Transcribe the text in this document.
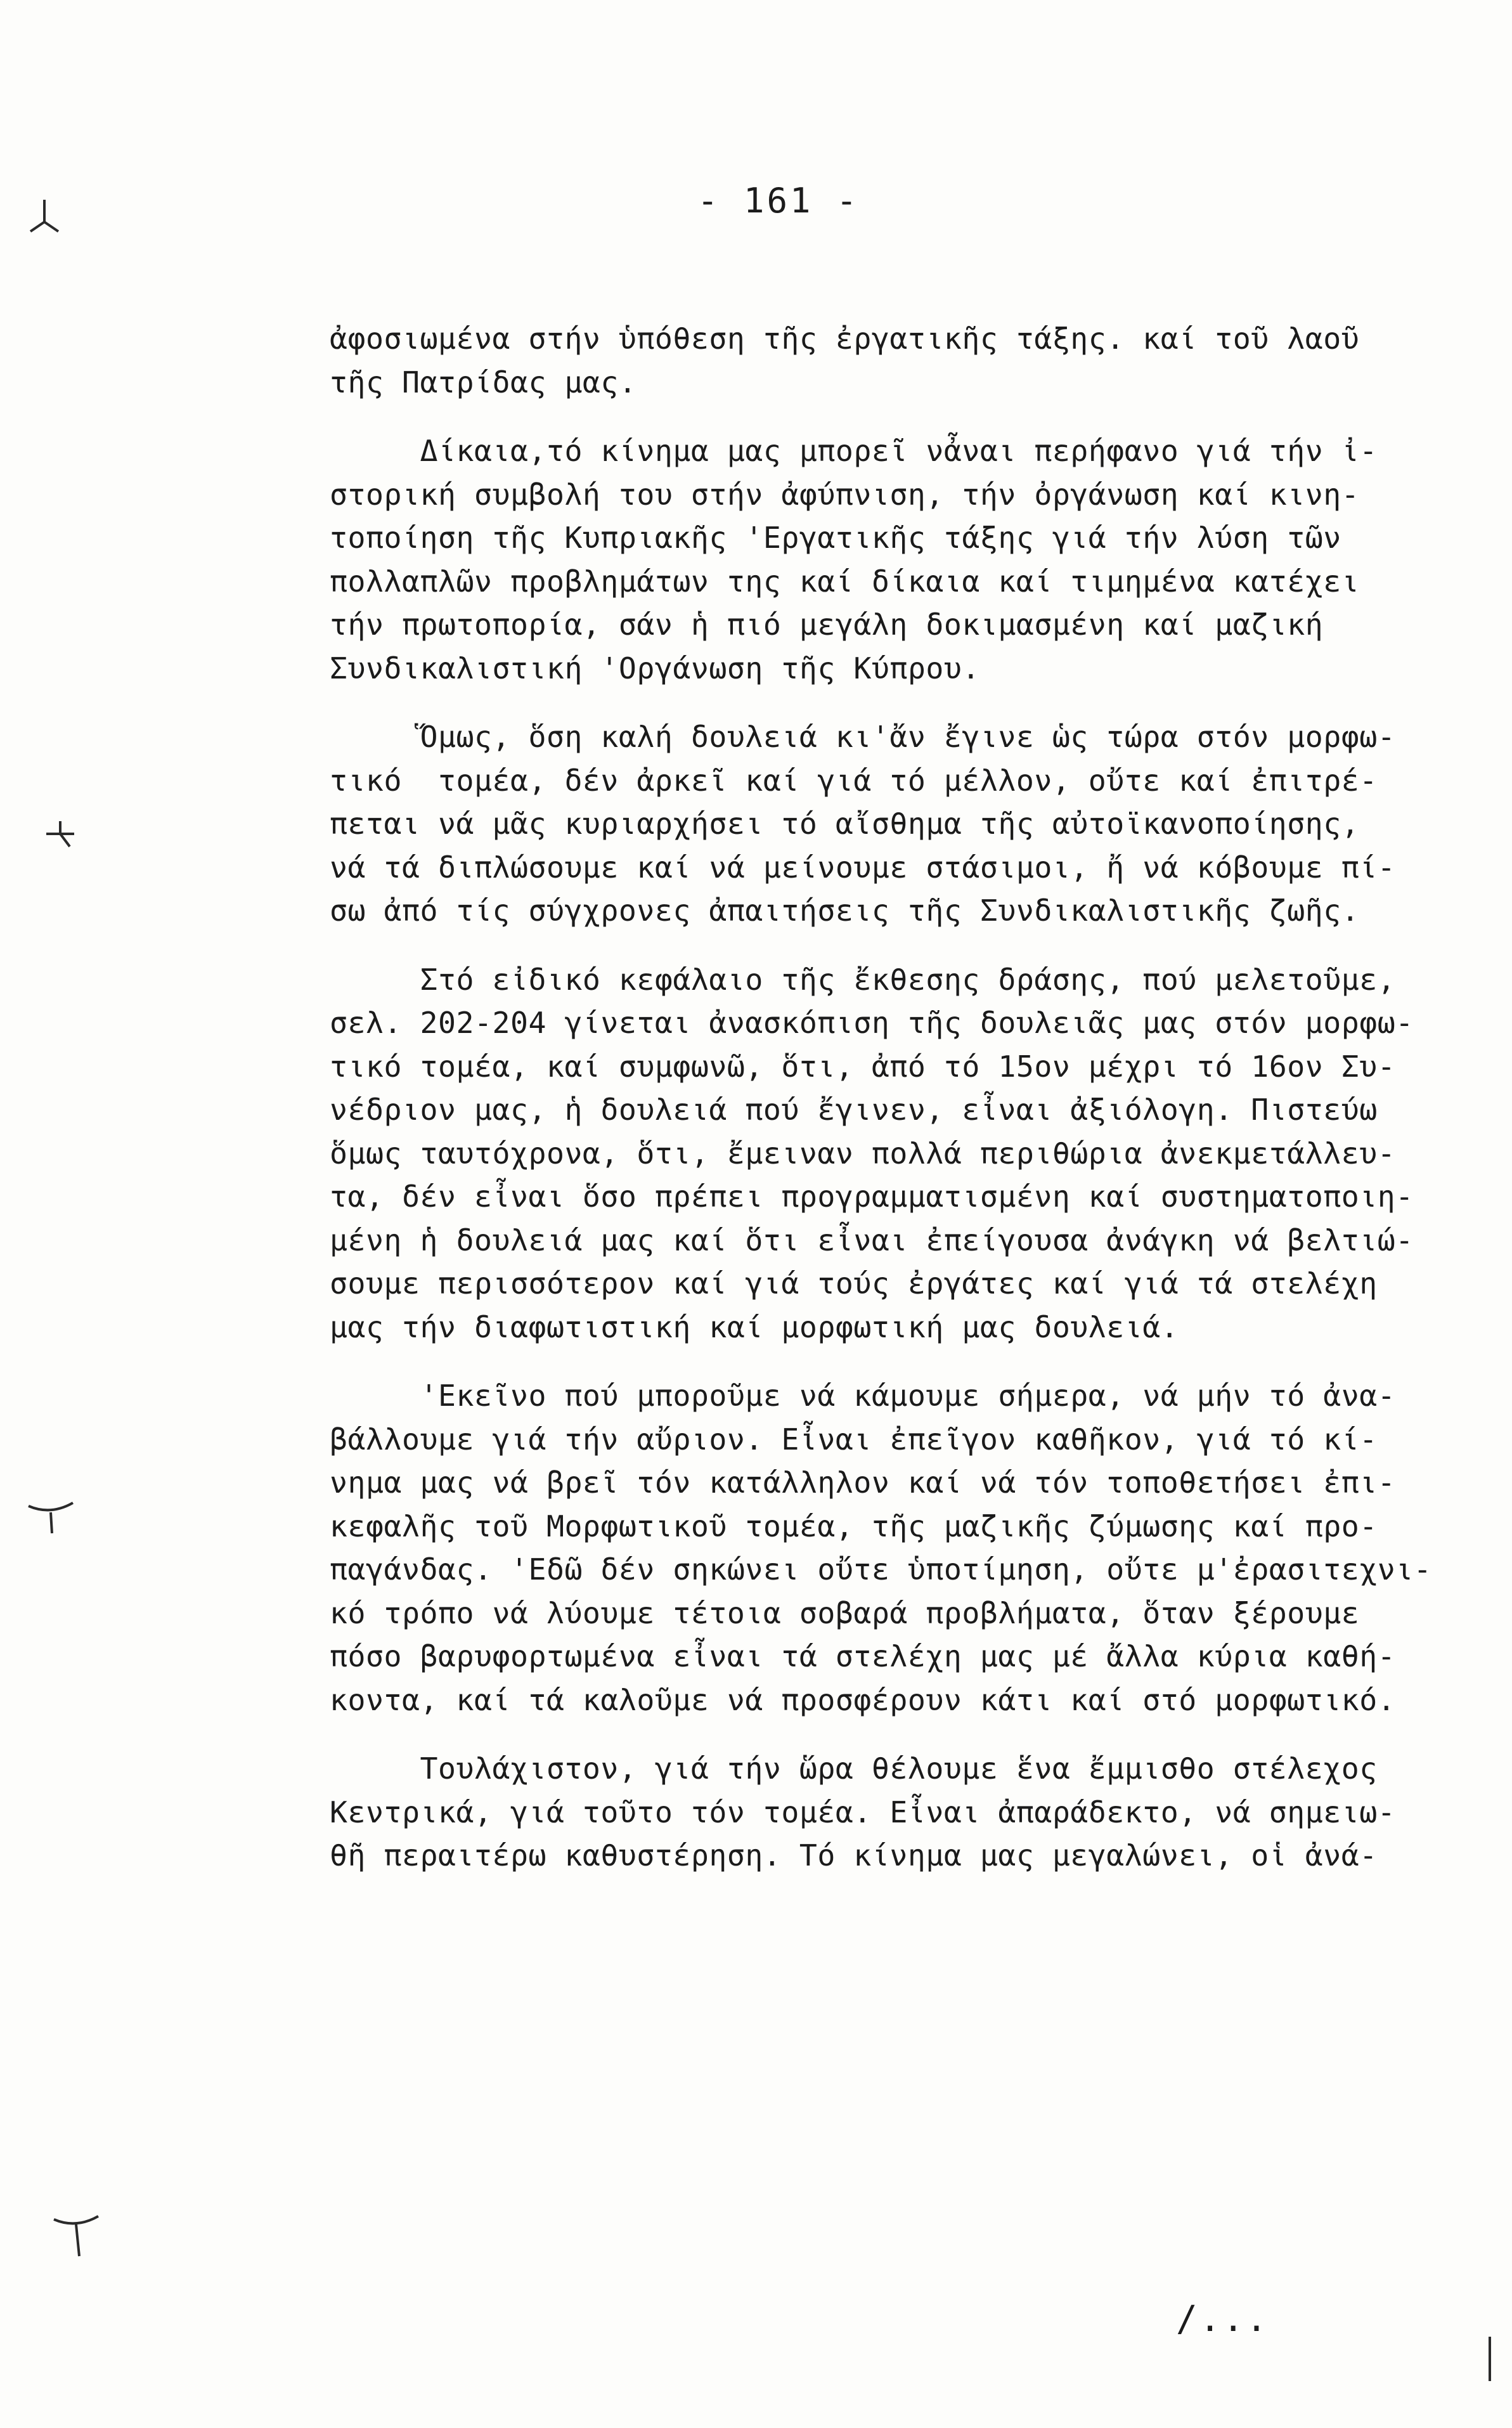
- 161 -
ἀφοσιωμένα στήν ὑπόθεση τῆς ἐργατικῆς τάξης. καί τοῦ λαοῦ
τῆς Πατρίδας μας.
Δίκαια,τό κίνημα μας μπορεῖ νἆναι περήφανο γιά τήν ἰ-
στορική συμβολή του στήν ἀφύπνιση, τήν ὀργάνωση καί κινη-
τοποίηση τῆς Κυπριακῆς 'Εργατικῆς τάξης γιά τήν λύση τῶν
πολλαπλῶν προβλημάτων της καί δίκαια καί τιμημένα κατέχει
τήν πρωτοπορία, σάν ἡ πιό μεγάλη δοκιμασμένη καί μαζική
Συνδικαλιστική 'Οργάνωση τῆς Κύπρου.
Ὅμως, ὅση καλή δουλειά κι'ἄν ἔγινε ὡς τώρα στόν μορφω-
τικό  τομέα, δέν ἀρκεῖ καί γιά τό μέλλον, οὔτε καί ἐπιτρέ-
πεται νά μᾶς κυριαρχήσει τό αἴσθημα τῆς αὐτοϊκανοποίησης,
νά τά διπλώσουμε καί νά μείνουμε στάσιμοι, ἤ νά κόβουμε πί-
σω ἀπό τίς σύγχρονες ἀπαιτήσεις τῆς Συνδικαλιστικῆς ζωῆς.
Στό εἰδικό κεφάλαιο τῆς ἔκθεσης δράσης, πού μελετοῦμε,
σελ. 202-204 γίνεται ἀνασκόπιση τῆς δουλειᾶς μας στόν μορφω-
τικό τομέα, καί συμφωνῶ, ὅτι, ἀπό τό 15ον μέχρι τό 16ον Συ-
νέδριον μας, ἡ δουλειά πού ἔγινεν, εἶναι ἀξιόλογη. Πιστεύω
ὅμως ταυτόχρονα, ὅτι, ἔμειναν πολλά περιθώρια ἀνεκμετάλλευ-
τα, δέν εἶναι ὅσο πρέπει προγραμματισμένη καί συστηματοποιη-
μένη ἡ δουλειά μας καί ὅτι εἶναι ἐπείγουσα ἀνάγκη νά βελτιώ-
σουμε περισσότερον καί γιά τούς ἐργάτες καί γιά τά στελέχη
μας τήν διαφωτιστική καί μορφωτική μας δουλειά.
'Εκεῖνο πού μποροῦμε νά κάμουμε σήμερα, νά μήν τό ἀνα-
βάλλουμε γιά τήν αὔριον. Εἶναι ἐπεῖγον καθῆκον, γιά τό κί-
νημα μας νά βρεῖ τόν κατάλληλον καί νά τόν τοποθετήσει ἐπι-
κεφαλῆς τοῦ Μορφωτικοῦ τομέα, τῆς μαζικῆς ζύμωσης καί προ-
παγάνδας. 'Εδῶ δέν σηκώνει οὔτε ὑποτίμηση, οὔτε μ'ἐρασιτεχνι-
κό τρόπο νά λύουμε τέτοια σοβαρά προβλήματα, ὅταν ξέρουμε
πόσο βαρυφορτωμένα εἶναι τά στελέχη μας μέ ἄλλα κύρια καθή-
κοντα, καί τά καλοῦμε νά προσφέρουν κάτι καί στό μορφωτικό.
Τουλάχιστον, γιά τήν ὥρα θέλουμε ἕνα ἔμμισθο στέλεχος
Κεντρικά, γιά τοῦτο τόν τομέα. Εἶναι ἀπαράδεκτο, νά σημειω-
θῆ περαιτέρω καθυστέρηση. Τό κίνημα μας μεγαλώνει, οἱ ἀνά-
/...
